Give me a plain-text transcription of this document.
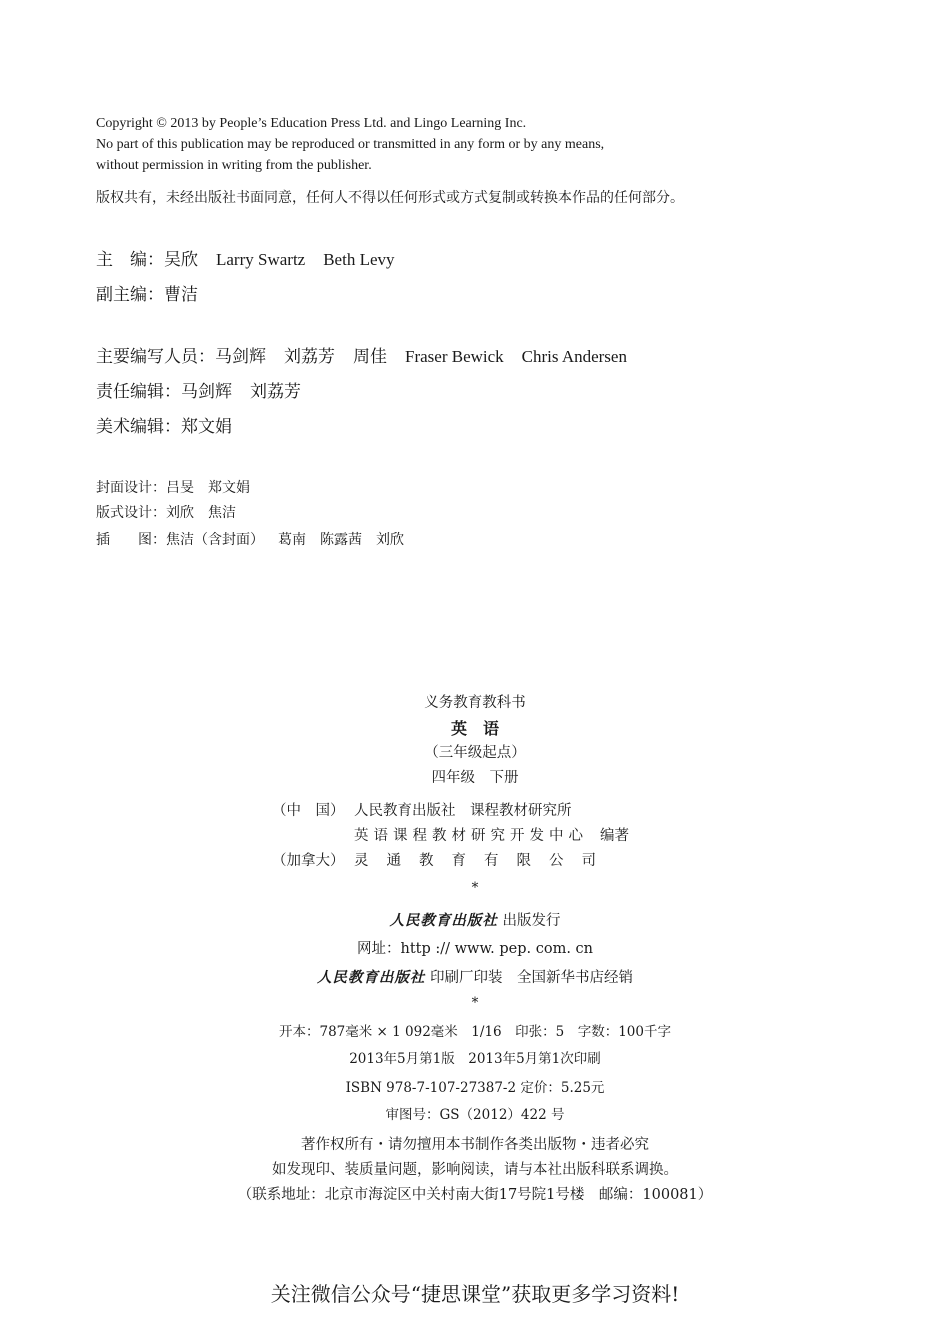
Copyright © 2013 by People’s Education Press Ltd. and Lingo Learning Inc.
No part of this publication may be reproduced or transmitted in any form or by any means,
without permission in writing from the publisher.
版权共有，未经出版社书面同意，任何人不得以任何形式或方式复制或转换本作品的任何部分。
主　编：吴欣 Larry Swartz Beth Levy
副主编：曹洁
主要编写人员：马剑辉 刘荔芳 周佳 Fraser Bewick Chris Andersen
责任编辑：马剑辉 刘荔芳
美术编辑：郑文娟
封面设计：吕旻 郑文娟
版式设计：刘欣 焦洁
插　　图：焦洁（含封面） 葛南 陈露茜 刘欣
义务教育教科书
英　语
（三年级起点）
四年级　下册
（中　国） 人民教育出版社　课程教材研究所
英语课程教材研究开发中心 编著
（加拿大） 灵通教育有限公司
*
人民教育出版社 出版发行
网址：http :// www. pep. com. cn
人民教育出版社 印刷厂印装　全国新华书店经销
*
开本：787毫米 × 1 092毫米　1/16　印张：5　字数：100千字
2013年5月第1版　2013年5月第1次印刷
ISBN 978-7-107-27387-2 定价：5.25元
审图号：GS（2012）422 号
著作权所有・请勿擅用本书制作各类出版物・违者必究
如发现印、装质量问题，影响阅读，请与本社出版科联系调换。
（联系地址：北京市海淀区中关村南大街17号院1号楼　邮编：100081）
关注微信公众号“捷思课堂”获取更多学习资料!
